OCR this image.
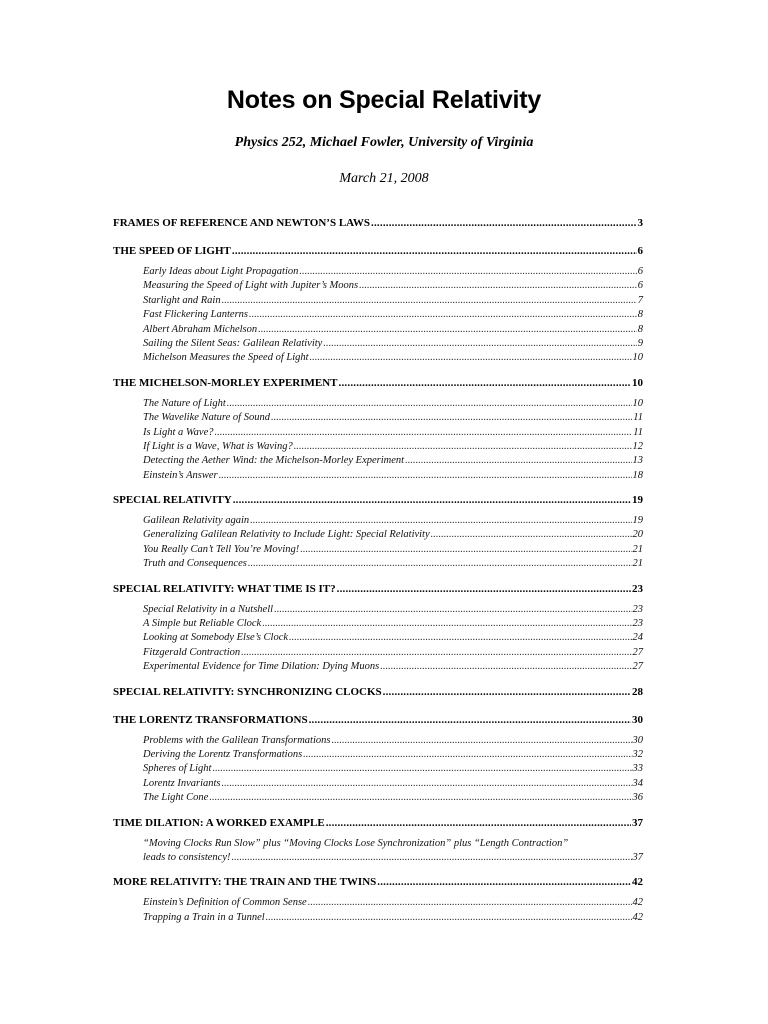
Notes on Special Relativity
Physics 252, Michael Fowler, University of Virginia
March 21, 2008
FRAMES OF REFERENCE AND NEWTON’S LAWS .....	3
THE SPEED OF LIGHT .....	6
Early Ideas about Light Propagation .....	6
Measuring the Speed of Light with Jupiter’s Moons .....	6
Starlight and Rain .....	7
Fast Flickering Lanterns .....	8
Albert Abraham Michelson .....	8
Sailing the Silent Seas: Galilean Relativity .....	9
Michelson Measures the Speed of Light .....	10
THE MICHELSON-MORLEY EXPERIMENT .....	10
The Nature of Light .....	10
The Wavelike Nature of Sound .....	11
Is Light a Wave? .....	11
If Light is a Wave, What is Waving? .....	12
Detecting the Aether Wind: the Michelson-Morley Experiment .....	13
Einstein’s Answer .....	18
SPECIAL RELATIVITY .....	19
Galilean Relativity again .....	19
Generalizing Galilean Relativity to Include Light: Special Relativity .....	20
You Really Can’t Tell You’re Moving! .....	21
Truth and Consequences .....	21
SPECIAL RELATIVITY: WHAT TIME IS IT? .....	23
Special Relativity in a Nutshell .....	23
A Simple but Reliable Clock .....	23
Looking at Somebody Else’s Clock .....	24
Fitzgerald Contraction .....	27
Experimental Evidence for Time Dilation: Dying Muons .....	27
SPECIAL RELATIVITY: SYNCHRONIZING CLOCKS .....	28
THE LORENTZ TRANSFORMATIONS .....	30
Problems with the Galilean Transformations .....	30
Deriving the Lorentz Transformations .....	32
Spheres of Light .....	33
Lorentz Invariants .....	34
The Light Cone .....	36
TIME DILATION: A WORKED EXAMPLE .....	37
“Moving Clocks Run Slow” plus “Moving Clocks Lose Synchronization” plus “Length Contraction”
leads to consistency! .....	37
MORE RELATIVITY: THE TRAIN AND THE TWINS .....	42
Einstein’s Definition of Common Sense .....	42
Trapping a Train in a Tunnel .....	42
